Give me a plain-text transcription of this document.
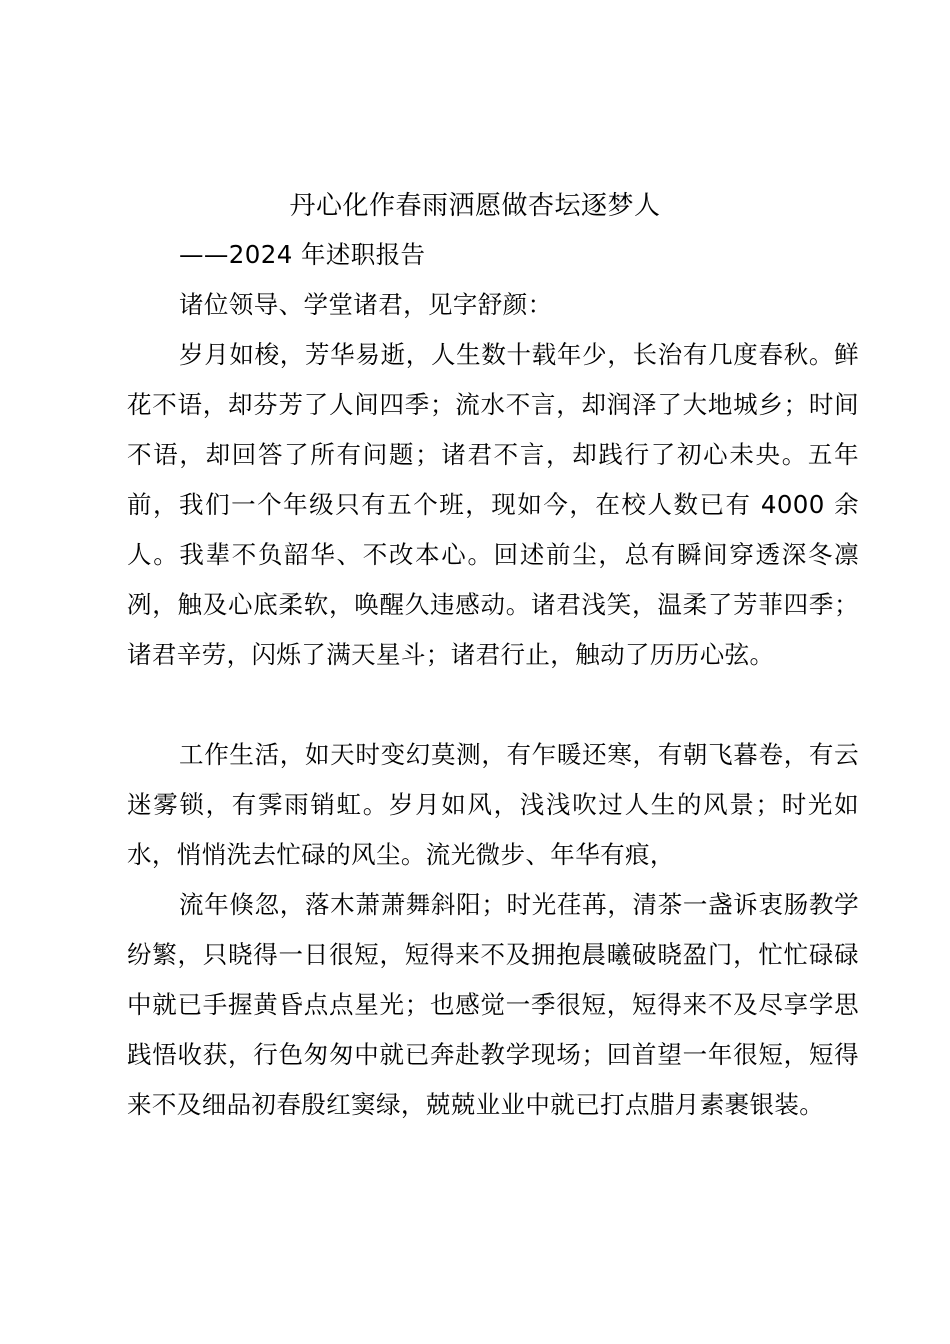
丹心化作春雨洒愿做杏坛逐梦人
——2024 年述职报告
诸位领导、学堂诸君，见字舒颜：
岁月如梭，芳华易逝，人生数十载年少，长治有几度春秋。鲜花不语，却芬芳了人间四季；流水不言，却润泽了大地城乡；时间不语，却回答了所有问题；诸君不言，却践行了初心未央。五年前，我们一个年级只有五个班，现如今，在校人数已有 4000 余人。我辈不负韶华、不改本心。回述前尘，总有瞬间穿透深冬凛冽，触及心底柔软，唤醒久违感动。诸君浅笑，温柔了芳菲四季；诸君辛劳，闪烁了满天星斗；诸君行止，触动了历历心弦。
工作生活，如天时变幻莫测，有乍暖还寒，有朝飞暮卷，有云迷雾锁，有霁雨销虹。岁月如风，浅浅吹过人生的风景；时光如水，悄悄洗去忙碌的风尘。流光微步、年华有痕，
流年倏忽，落木萧萧舞斜阳；时光荏苒，清茶一盏诉衷肠教学纷繁，只晓得一日很短，短得来不及拥抱晨曦破晓盈门，忙忙碌碌中就已手握黄昏点点星光；也感觉一季很短，短得来不及尽享学思践悟收获，行色匆匆中就已奔赴教学现场；回首望一年很短，短得来不及细品初春殷红窦绿，兢兢业业中就已打点腊月素裹银装。
